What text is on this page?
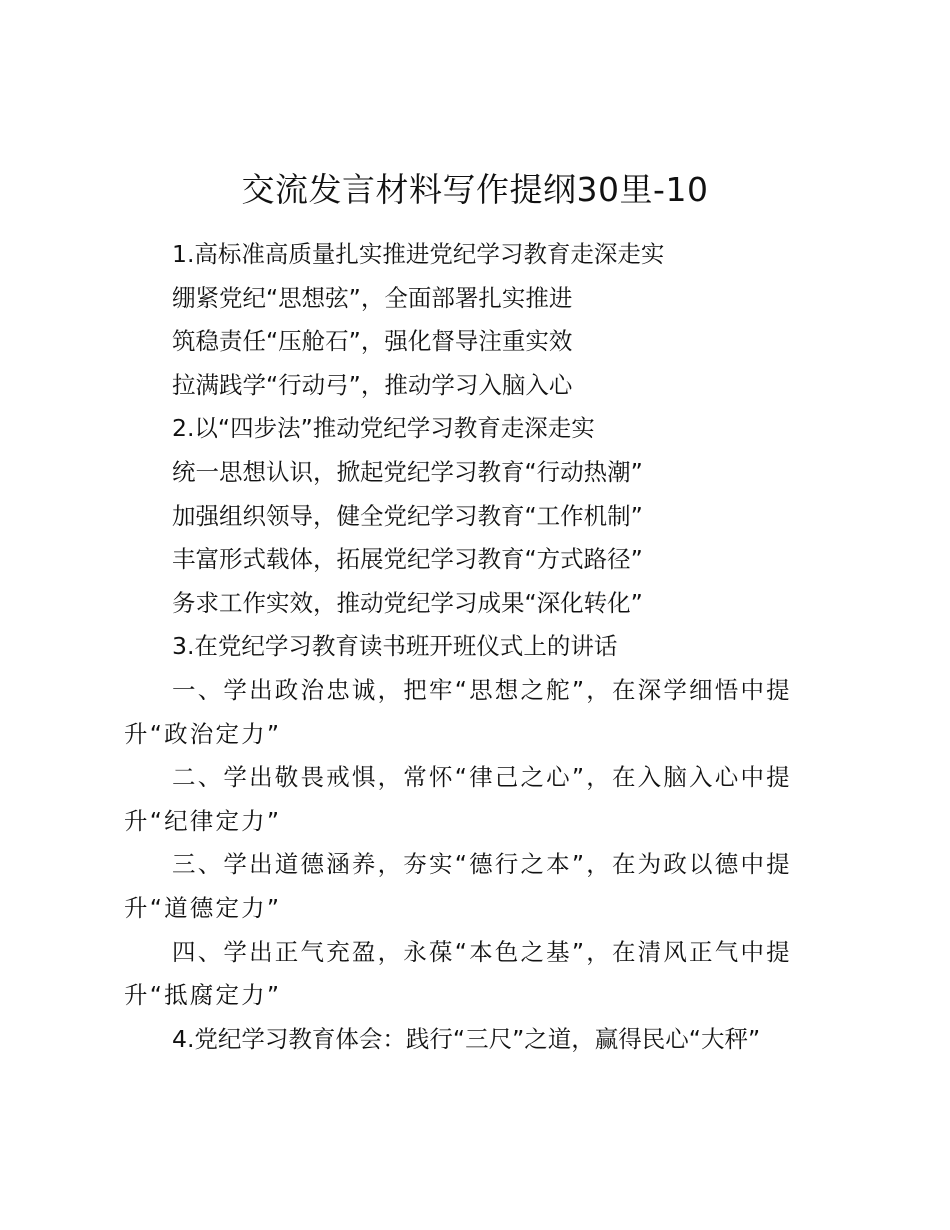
交流发言材料写作提纲30里-10

1.高标准高质量扎实推进党纪学习教育走深走实

绷紧党纪“思想弦”，全面部署扎实推进

筑稳责任“压舱石”，强化督导注重实效

拉满践学“行动弓”，推动学习入脑入心

2.以“四步法”推动党纪学习教育走深走实

统一思想认识，掀起党纪学习教育“行动热潮”

加强组织领导，健全党纪学习教育“工作机制”

丰富形式载体，拓展党纪学习教育“方式路径”

务求工作实效，推动党纪学习成果“深化转化”

3.在党纪学习教育读书班开班仪式上的讲话

一、学出政治忠诚，把牢“思想之舵”，在深学细悟中提升“政治定力”

二、学出敬畏戒惧，常怀“律己之心”，在入脑入心中提升“纪律定力”

三、学出道德涵养，夯实“德行之本”，在为政以德中提升“道德定力”

四、学出正气充盈，永葆“本色之基”，在清风正气中提升“抵腐定力”

4.党纪学习教育体会：践行“三尺”之道，赢得民心“大秤”
